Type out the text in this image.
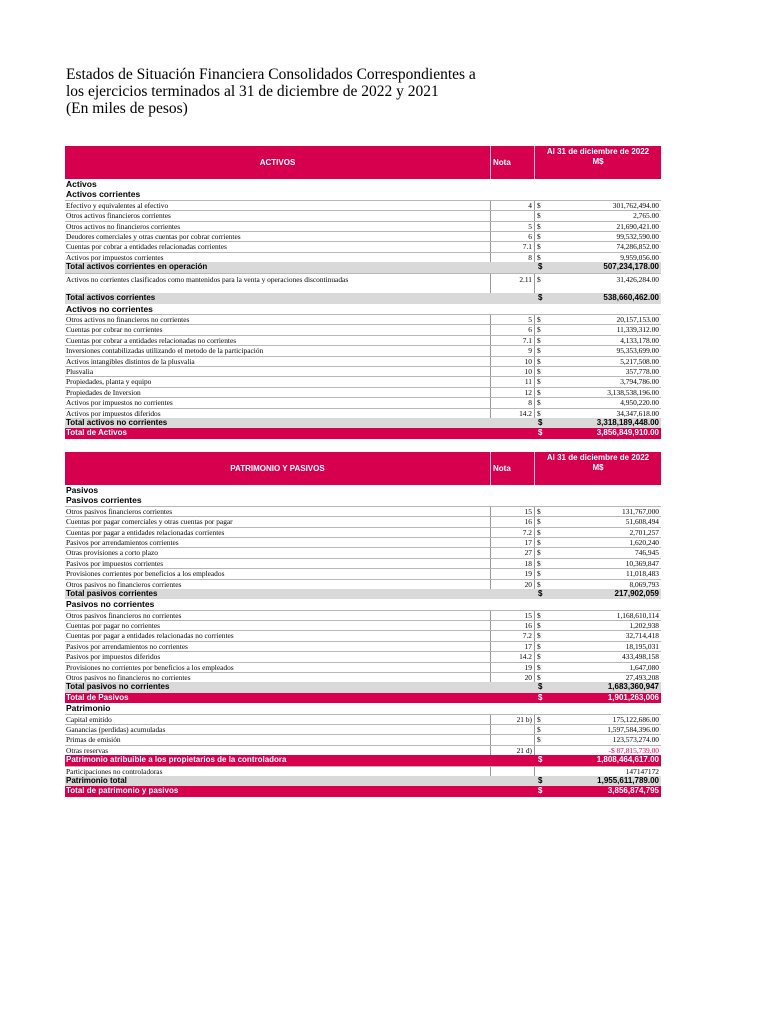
Estados de Situación Financiera Consolidados Correspondientes a
los ejercicios terminados al 31 de diciembre de 2022 y 2021
(En miles de pesos)
ACTIVOS	Nota
Al 31 de diciembre de 2022
M$
Activos
Activos corrientes
Efectivo y equivalentes al efectivo	4 $	301,762,494.00
Otros activos financieros corrientes	$	2,765.00
Otros activos no financieros corrientes	5 $	21,690,421.00
Deudores comerciales y otras cuentas por cobrar corrientes	6 $	99,532,590.00
Cuentas por cobrar a entidades relacionadas corrientes	7.1 $	74,286,852.00
Activos por impuestos corrientes	8 $	9,959,056.00
Total activos corrientes en operación	$	507,234,178.00
Activos no corrientes clasificados como mantenidos para la venta y operaciones discontinuadas	2.11 $	31,426,284.00
Total activos corrientes	$	538,660,462.00
Activos no corrientes
Otros activos no financieros no corrientes	5 $	20,157,153.00
Cuentas por cobrar no corrientes	6 $	11,339,312.00
Cuentas por cobrar a entidades relacionadas no corrientes	7.1 $	4,133,178.00
Inversiones contabilizadas utilizando el metodo de la participación	9 $	95,353,699.00
Activos intangibles distintos de la plusvalia	10 $	5,217,508.00
Plusvalia	10 $	357,778.00
Propiedades, planta y equipo	11 $	3,794,786.00
Propiedades de Inversion	12 $	3,138,538,196.00
Activos por impuestos no corrientes	8 $	4,950,220.00
Activos por impuestos diferidos	14.2 $	34,347,618.00
Total activos no corrientes	$	3,318,189,448.00
Total de Activos	$	3,856,849,910.00
PATRIMONIO Y PASIVOS	Nota
Al 31 de diciembre de 2022
M$
Pasivos
Pasivos corrientes
Otros pasivos financieros corrientes	15 $	131,767,000
Cuentas por pagar comerciales y otras cuentas por pagar	16 $	51,608,494
Cuentas por pagar a entidades relacionadas corrientes	7.2 $	2,701,257
Pasivos por arrendamientos corrientes	17 $	1,620,240
Otras provisiones a corto plazo	27 $	746,945
Pasivos por impuestos corrientes	18 $	10,369,847
Provisiones corrientes por beneficios a los empleados	19 $	11,018,483
Otros pasivos no financieros corrientes	20 $	8,069,793
Total pasivos corrientes	$	217,902,059
Pasivos no corrientes
Otros pasivos financieros no corrientes	15 $	1,168,610,114
Cuentas por pagar no corrientes	16 $	1,202,938
Cuentas por pagar a entidades relacionadas no corrientes	7.2 $	32,714,418
Pasivos por arrendamientos no corrientes	17 $	18,195,031
Pasivos por impuestos diferidos	14.2 $	433,498,158
Provisiones no corrientes por beneficios a los empleados	19 $	1,647,080
Otros pasivos no financieros no corrientes	20 $	27,493,208
Total pasivos no corrientes	$	1,683,360,947
Total de Pasivos	$	1,901,263,006
Patrimonio
Capital emitido	21 b) $	175,122,686.00
Ganancias (perdidas) acumuladas	$	1,597,584,396.00
Primas de emisión	$	123,573,274.00
Otras reservas	21 d)	-$ 87,815,739.00
Patrimonio atribuible a los propietarios de la controladora	$	1,808,464,617.00
Participaciones no controladoras	147147172
Patrimonio total	$	1,955,611,789.00
Total de patrimonio y pasivos	$	3,856,874,795
